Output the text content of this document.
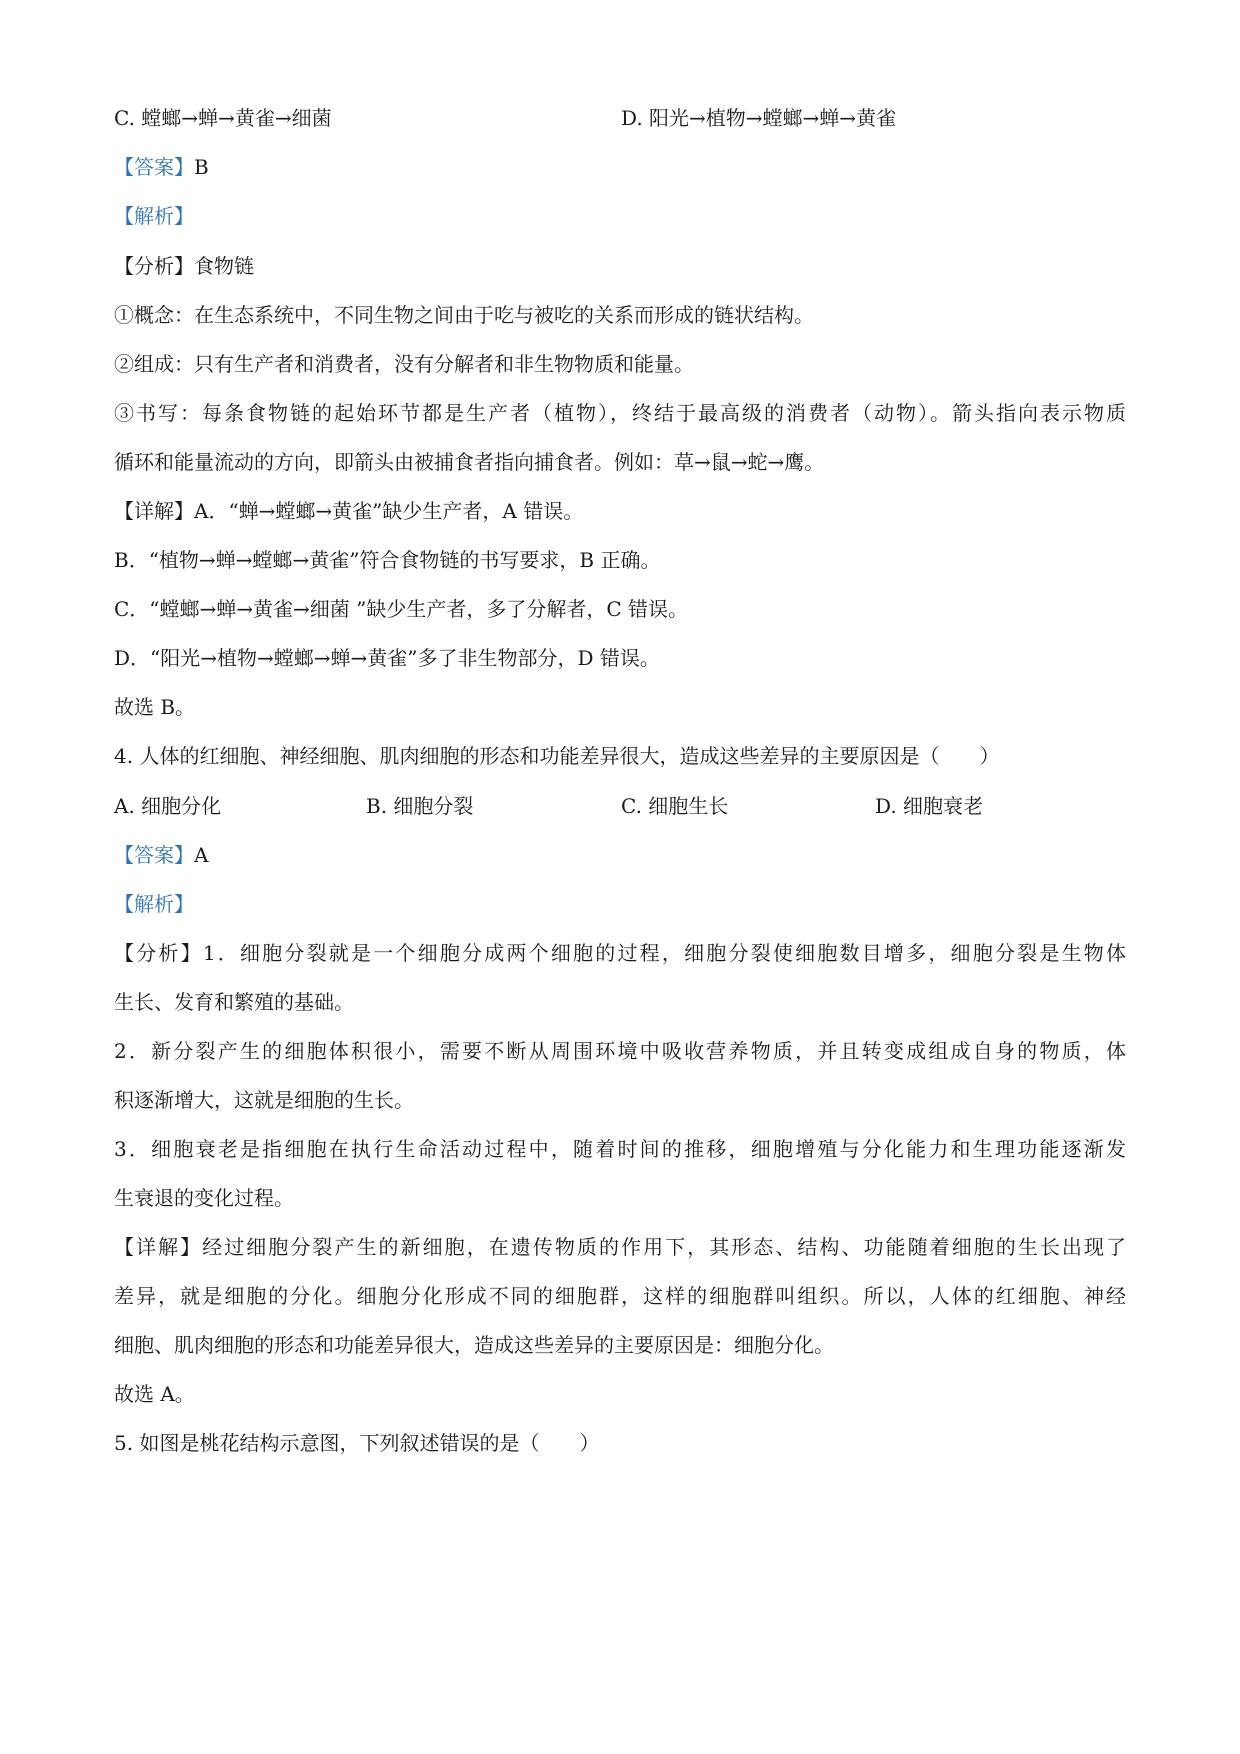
C. 螳螂→蝉→黄雀→细菌	D. 阳光→植物→螳螂→蝉→黄雀
【答案】B
【解析】
【分析】食物链
①概念：在生态系统中，不同生物之间由于吃与被吃的关系而形成的链状结构。
②组成：只有生产者和消费者，没有分解者和非生物物质和能量。
③书写：每条食物链的起始环节都是生产者（植物），终结于最高级的消费者（动物）。箭头指向表示物质
循环和能量流动的方向，即箭头由被捕食者指向捕食者。例如：草→鼠→蛇→鹰。
【详解】A．“蝉→螳螂→黄雀”缺少生产者，A 错误。
B．“植物→蝉→螳螂→黄雀”符合食物链的书写要求，B 正确。
C．“螳螂→蝉→黄雀→细菌 ”缺少生产者，多了分解者，C 错误。
D．“阳光→植物→螳螂→蝉→黄雀”多了非生物部分，D 错误。
故选 B。
4. 人体的红细胞、神经细胞、肌肉细胞的形态和功能差异很大，造成这些差异的主要原因是（　　）
A. 细胞分化	B. 细胞分裂	C. 细胞生长	D. 细胞衰老
【答案】A
【解析】
【分析】1．细胞分裂就是一个细胞分成两个细胞的过程，细胞分裂使细胞数目增多，细胞分裂是生物体
生长、发育和繁殖的基础。
2．新分裂产生的细胞体积很小，需要不断从周围环境中吸收营养物质，并且转变成组成自身的物质，体
积逐渐增大，这就是细胞的生长。
3．细胞衰老是指细胞在执行生命活动过程中，随着时间的推移，细胞增殖与分化能力和生理功能逐渐发
生衰退的变化过程。
【详解】经过细胞分裂产生的新细胞，在遗传物质的作用下，其形态、结构、功能随着细胞的生长出现了
差异，就是细胞的分化。细胞分化形成不同的细胞群，这样的细胞群叫组织。所以，人体的红细胞、神经
细胞、肌肉细胞的形态和功能差异很大，造成这些差异的主要原因是：细胞分化。
故选 A。
5. 如图是桃花结构示意图，下列叙述错误的是（　　）
